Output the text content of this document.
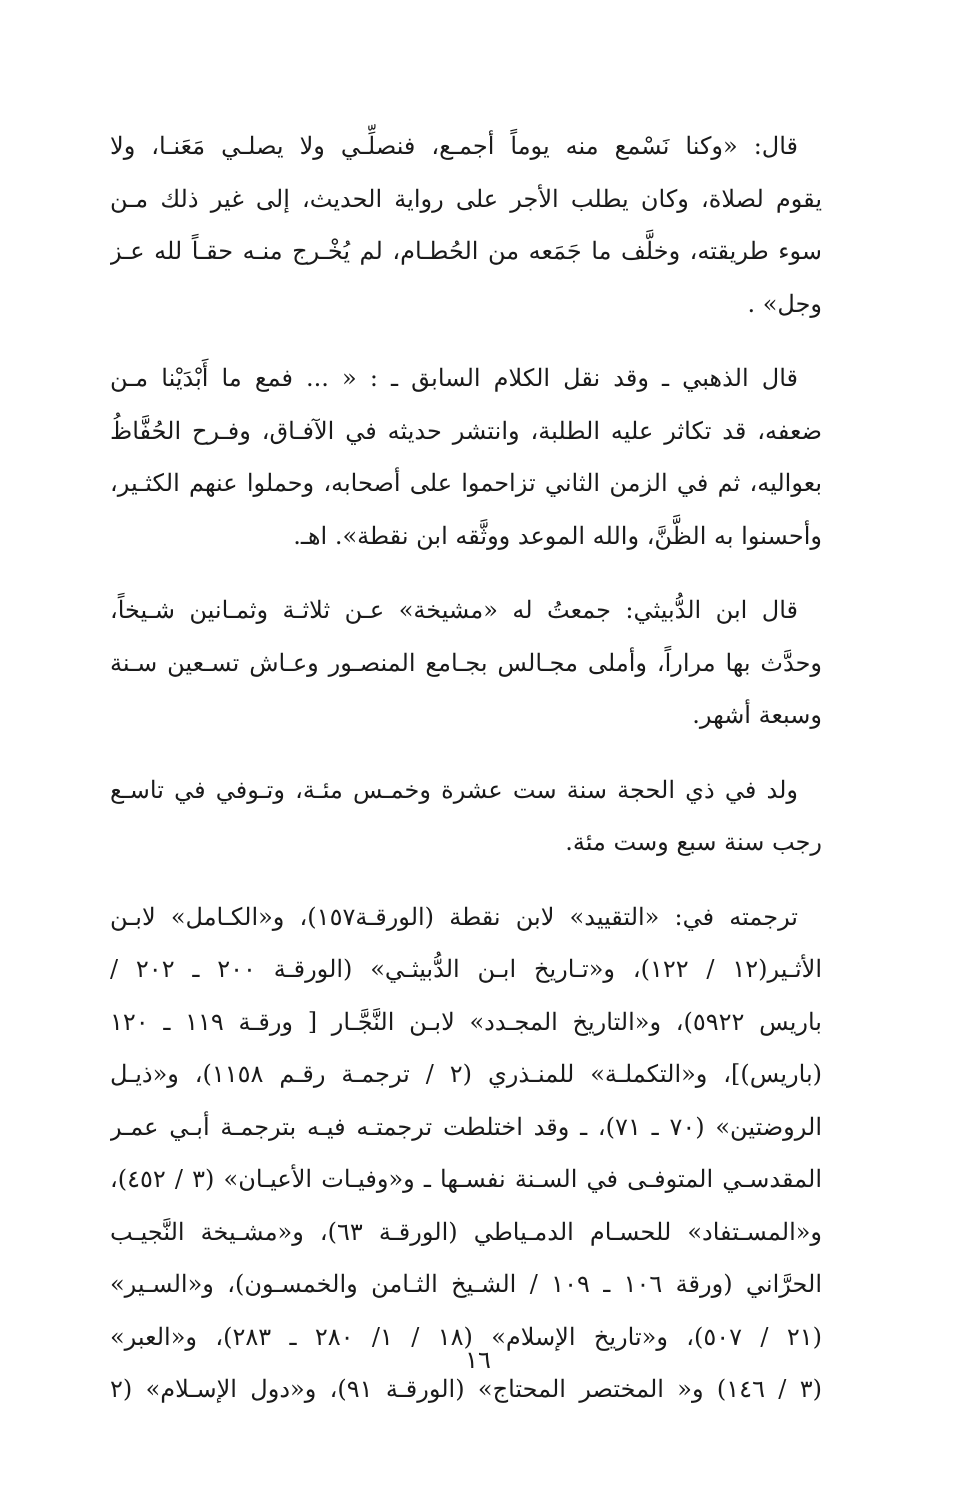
قال: «وكنا نَسْمع منه يوماً أجمـع، فنصلِّـي ولا يصلـي مَعَنـا، ولا
يقوم لصلاة، وكان يطلب الأجر على رواية الحديث، إلى غير ذلك مـن
سوء طريقته، وخلَّف ما جَمَعه من الحُطـام، لم يُخْـرج منـه حقـاً لله عـز
وجل» .
قال الذهبي ـ وقد نقل الكلام السابق ـ : « ... فمع ما أَبْدَيْنا مـن
ضعفه، قد تكاثر عليه الطلبة، وانتشر حديثه في الآفـاق، وفـرح الحُفَّاظُ
بعواليه، ثم في الزمن الثاني تزاحموا على أصحابه، وحملوا عنهم الكثـير،
وأحسنوا به الظَّنَّ، والله الموعد ووثَّقه ابن نقطة». اهـ.
قال ابن الدُّبيثي: جمعتُ له «مشيخة» عـن ثلاثـة وثمـانين شـيخاً،
وحدَّث بها مراراً، وأملى مجـالس بجـامع المنصـور وعـاش تسـعين سـنة
وسبعة أشهر.
ولد في ذي الحجة سنة ست عشرة وخمـس مئـة، وتـوفي في تاسـع
رجب سنة سبع وست مئة.
ترجمته في: «التقييد» لابن نقطة (الورقـة١٥٧)، و«الكـامل» لابـن
الأثـير(١٢ / ١٢٢)، و«تـاريخ ابـن الدُّبيثـي» (الورقـة ٢٠٠ ـ ٢٠٢ /
باريس ٥٩٢٢)، و«التاريخ المجـدد» لابـن النَّجَّـار [ ورقـة ١١٩ ـ ١٢٠
(باريس)]، و«التكملـة» للمنـذري (٢ / ترجمـة رقـم ١١٥٨)، و«ذيـل
الروضتين» (٧٠ ـ ٧١)، ـ وقد اختلطت ترجمتـه فيـه بترجمـة أبـي عمـر
المقدسـي المتوفـى في السـنة نفسـها ـ و«وفيـات الأعيـان» (٣ / ٤٥٢)،
و«المسـتفاد» للحسـام الدمـياطي (الورقـة ٦٣)، و«مشـيخة النَّجيـب
الحرَّاني (ورقة ١٠٦ ـ ١٠٩ / الشـيخ الثـامن والخمسـون)، و«السـير»
(٢١ / ٥٠٧)، و«تاريخ الإسلام» (١٨ / ١/ ٢٨٠ ـ ٢٨٣)، و«العبر»
(٣ / ١٤٦) و« المختصر المحتاج» (الورقـة ٩١)، و«دول الإسـلام» (٢
١٦
